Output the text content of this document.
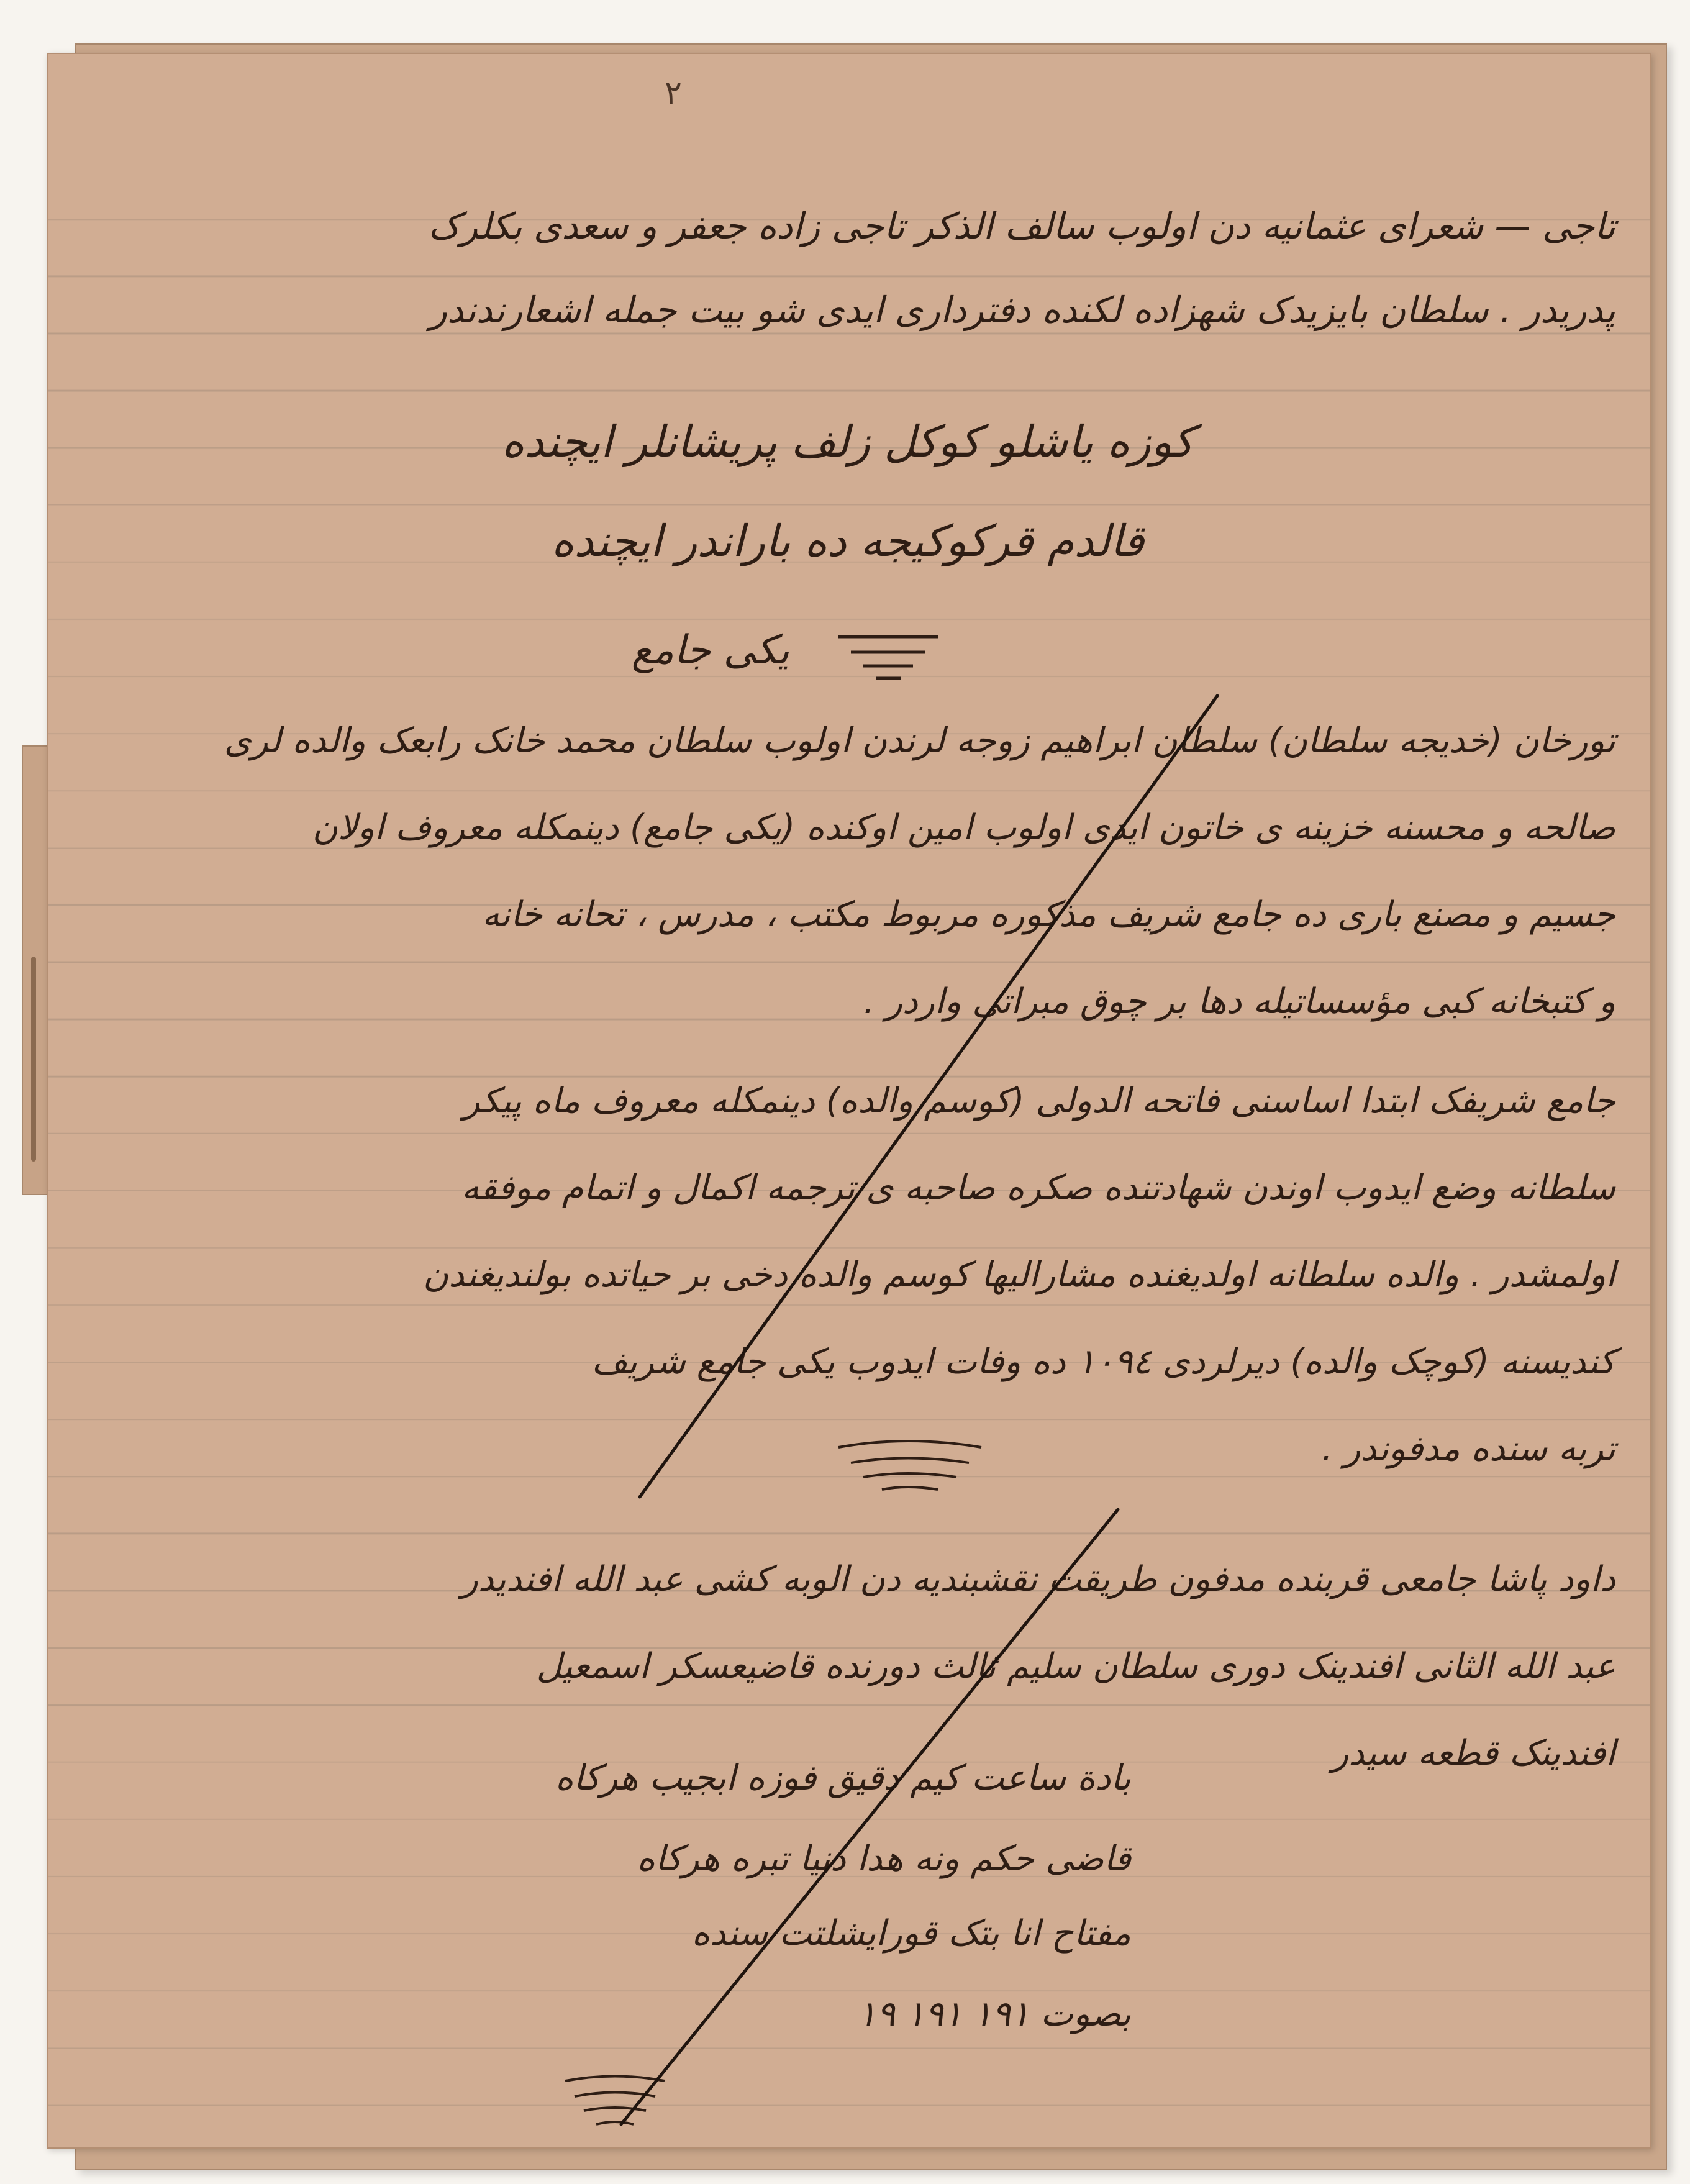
٢
تاجی — شعرای عثمانیه دن اولوب سالف الذکر تاجی زاده جعفر و سعدی بکلرک
پدریدر . سلطان بایزیدک شهزاده لکنده دفترداری ایدی شو بیت جمله اشعارندندر
کوزه یاشلو کوکل زلف پریشانلر ایچنده
قالدم قرکوکیجه ده باراندر ایچنده
یکی جامع
تورخان (خدیجه سلطان) سلطان ابراهیم زوجه لرندن اولوب سلطان محمد خانک رابعک والده لری
صالحه و محسنه خزینه ی خاتون ایدی اولوب امین اوکنده (یکی جامع) دینمکله معروف اولان
جسیم و مصنع باری ده جامع شریف مذکوره مربوط مکتب ، مدرس ، تحانه خانه
و کتبخانه کبی مؤسساتیله دها بر چوق مبراتی واردر .
جامع شریفک ابتدا اساسنی فاتحه الدولی (کوسم والده) دینمکله معروف ماه پیکر
سلطانه وضع ایدوب اوندن شهادتنده صکره صاحبه ی ترجمه اکمال و اتمام موفقه
اولمشدر . والده سلطانه اولدیغنده مشارالیها کوسم والده دخی بر حیاتده بولندیغندن
کندیسنه (کوچک والده) دیرلردی ١٠٩٤ ده وفات ایدوب یکی جامع شریف
تربه سنده مدفوندر .
داود پاشا جامعی قربنده مدفون طریقت نقشبندیه دن الوبه کشی عبد الله افندیدر
عبد الله الثانی افندینک دوری سلطان سلیم ثالث دورنده قاضیعسکر اسمعیل
افندینک قطعه سیدر
بادة ساعت کیم دقیق فوزه ابجیب هرکاه
قاضی حکم ونه هدا دنیا تبره هرکاه
مفتاح انا بتک قورایشلتت سنده
بصوت ١٩١ ١٩١ ١٩
